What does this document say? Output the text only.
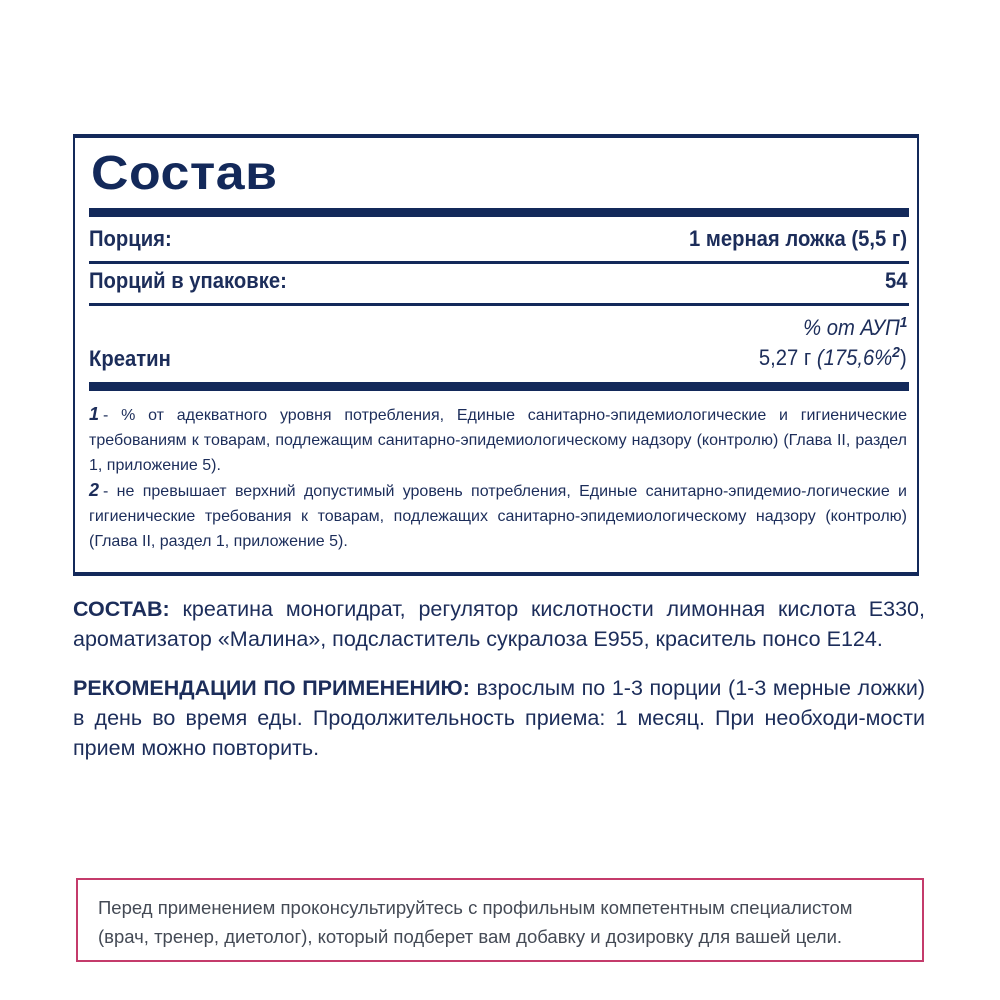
Состав
Порция:	1 мерная ложка (5,5 г)
Порций в упаковке:	54
% от АУП$^1$
Креатин	5,27 г (175,6%$^2$)

1 - % от адекватного уровня потребления, Единые санитарно-эпидемиологические и гигиенические требованиям к товарам, подлежащим санитарно-эпидемиологическому надзору (контролю) (Глава II, раздел 1, приложение 5).

2 - не превышает верхний допустимый уровень потребления, Единые санитарно-эпидемио-логические и гигиенические требования к товарам, подлежащих санитарно-эпидемиологическому надзору (контролю) (Глава II, раздел 1, приложение 5).

СОСТАВ: креатина моногидрат, регулятор кислотности лимонная кислота E330, ароматизатор «Малина», подсластитель сукралоза E955, краситель понсо E124.
РЕКОМЕНДАЦИИ ПО ПРИМЕНЕНИЮ: взрослым по 1-3 порции (1-3 мерные ложки) в день во время еды. Продолжительность приема: 1 месяц. При необходи-мости прием можно повторить.
Перед применением проконсультируйтесь с профильным компетентным специалистом (врач, тренер, диетолог), который подберет вам добавку и дозировку для вашей цели.
